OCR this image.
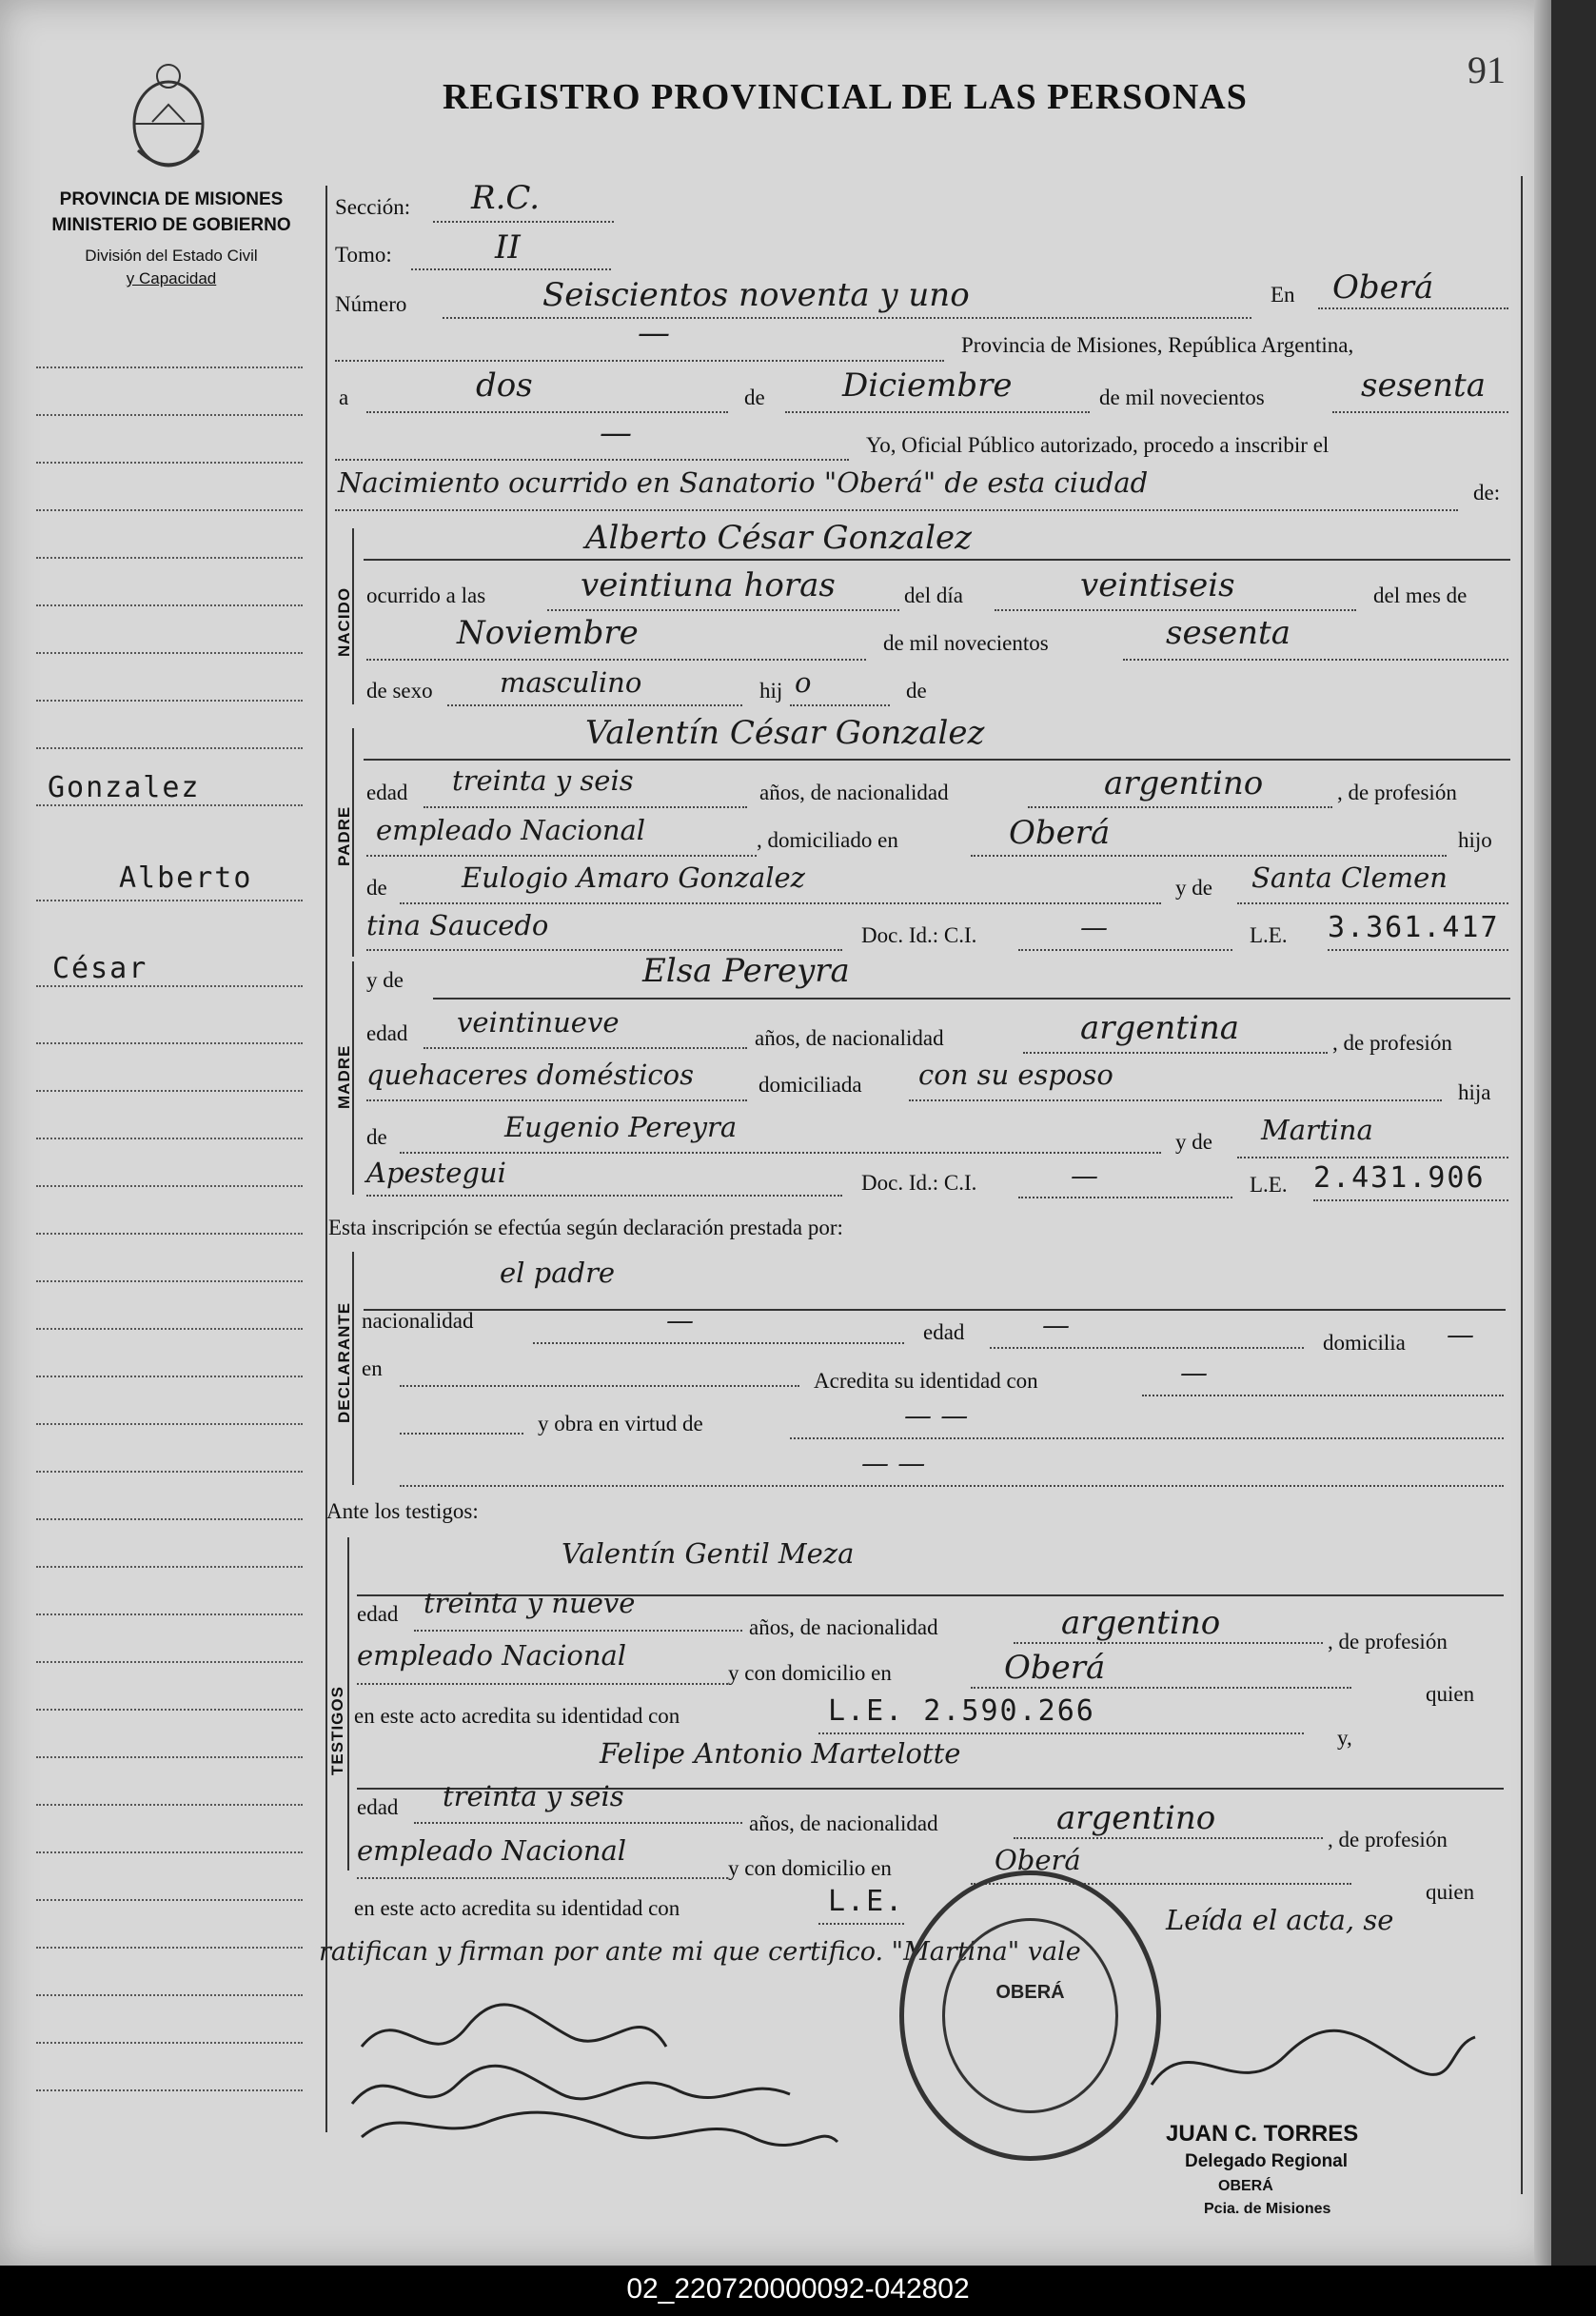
REGISTRO PROVINCIAL DE LAS PERSONAS
91
PROVINCIA DE MISIONES
MINISTERIO DE GOBIERNO
División del Estado Civil
y Capacidad
Gonzalez
Alberto
César
Sección: R.C.
Tomo:	II
Número	Seiscientos noventa y uno	En Oberá
—	Provincia de Misiones, República Argentina,
a	dos	de Diciembre	de mil novecientos	sesenta
—	Yo, Oficial Público autorizado, procedo a inscribir el
Nacimiento ocurrido en Sanatorio "Oberá" de esta ciudad	de:
NACIDO
Alberto César Gonzalez
ocurrido a las	veintiuna horas	del día	veintiseis	del mes de
Noviembre	de mil novecientos	sesenta
de sexo masculino	hij o	de
PADRE
Valentín César Gonzalez
edad treinta y seis	años, de nacionalidad	argentino	, de profesión
empleado Nacional	, domiciliado en	Oberá	hijo
de	Eulogio Amaro Gonzalez	y de Santa Clemen
tina Saucedo	Doc. Id.: C.I.	—	L.E. 3.361.417
MADRE
y de	Elsa Pereyra
edad veintinueve	años, de nacionalidad	argentina	, de profesión
quehaceres domésticos	domiciliada con su esposo
hija
de	Eugenio Pereyra	y de Martina
Apestegui	Doc. Id.: C.I.	—	L.E. 2.431.906
Esta inscripción se efectúa según declaración prestada por:
DECLARANTE
el padre
nacionalidad	—	edad	—
domicilia —
en
Acredita su identidad con	—
y obra en virtud de	— —
— —
Ante los testigos:
TESTIGOS
Valentín Gentil Meza
edad treinta y nueve
años, de nacionalidad	argentino	, de profesión
empleado Nacional
y con domicilio en	Oberá
quien
en este acto acredita su identidad con	L.E. 2.590.266
y,
Felipe Antonio Martelotte
edad treinta y seis
años, de nacionalidad	argentino
, de profesión
empleado Nacional
y con domicilio en	Oberá
quien
en este acto acredita su identidad con	L.E.
Leída el acta, se
ratifican y firman por ante mi que certifico. "Martina" vale
OBERÁ
JUAN C. TORRES
Delegado Regional
OBERÁ
Pcia. de Misiones
02_220720000092-042802
